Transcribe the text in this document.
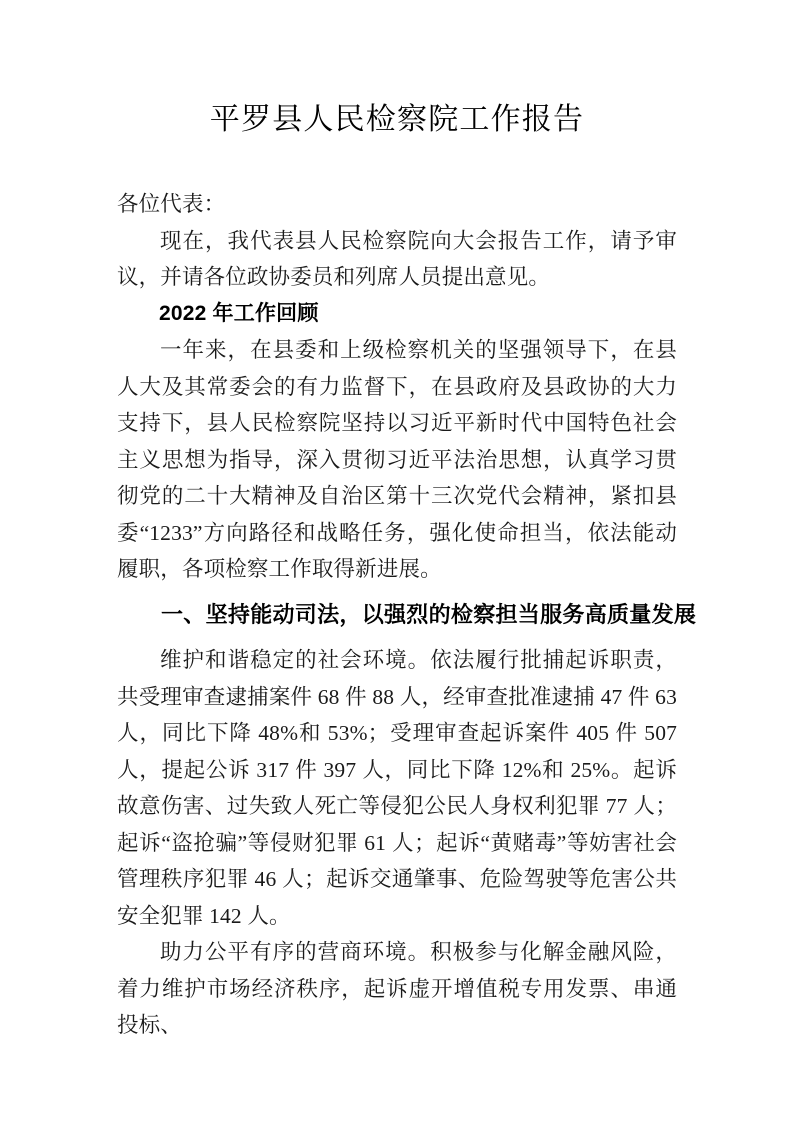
平罗县人民检察院工作报告

各位代表：

现在，我代表县人民检察院向大会报告工作，请予审议，并请各位政协委员和列席人员提出意见。

2022 年工作回顾

一年来，在县委和上级检察机关的坚强领导下，在县人大及其常委会的有力监督下，在县政府及县政协的大力支持下，县人民检察院坚持以习近平新时代中国特色社会主义思想为指导，深入贯彻习近平法治思想，认真学习贯彻党的二十大精神及自治区第十三次党代会精神，紧扣县委“1233”方向路径和战略任务，强化使命担当，依法能动履职，各项检察工作取得新进展。

一、坚持能动司法，以强烈的检察担当服务高质量发展

维护和谐稳定的社会环境。依法履行批捕起诉职责，共受理审查逮捕案件 68 件 88 人，经审查批准逮捕 47 件 63 人，同比下降 48%和 53%；受理审查起诉案件 405 件 507 人，提起公诉 317 件 397 人，同比下降 12%和 25%。起诉故意伤害、过失致人死亡等侵犯公民人身权利犯罪 77 人；起诉“盗抢骗”等侵财犯罪 61 人；起诉“黄赌毒”等妨害社会管理秩序犯罪 46 人；起诉交通肇事、危险驾驶等危害公共安全犯罪 142 人。

助力公平有序的营商环境。积极参与化解金融风险，着力维护市场经济秩序，起诉虚开增值税专用发票、串通投标、
